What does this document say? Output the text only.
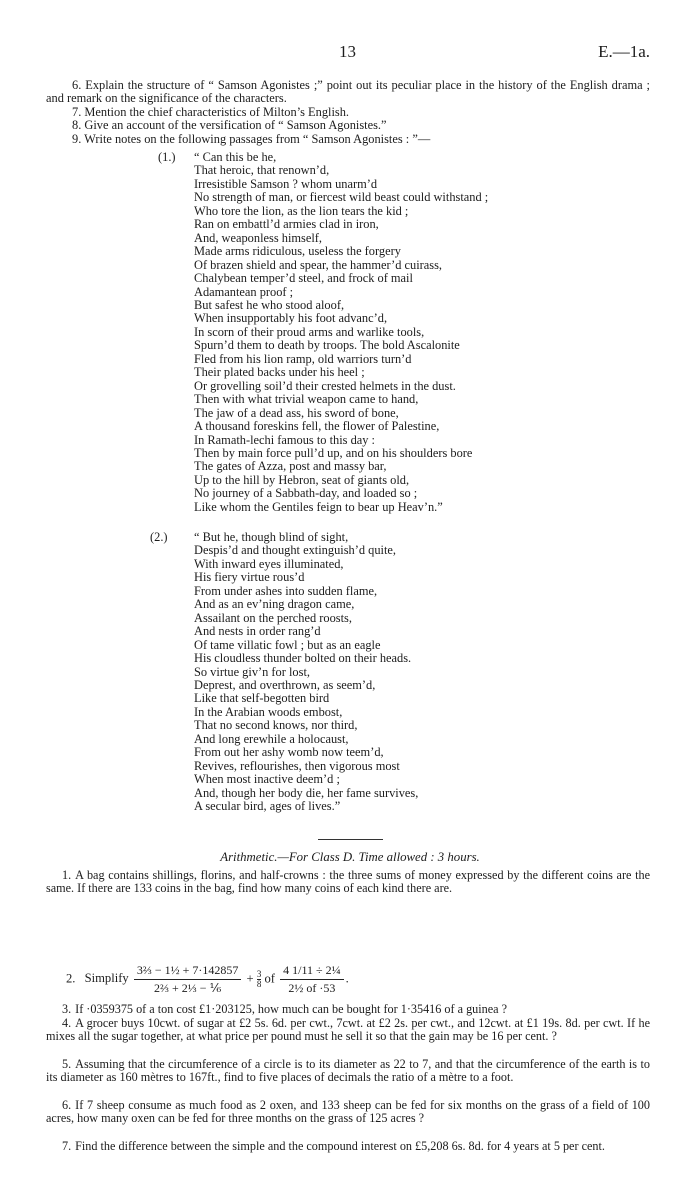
13	E.—1a.
6. Explain the structure of “ Samson Agonistes ;” point out its peculiar place in the history of the English drama ; and remark on the significance of the characters.
7. Mention the chief characteristics of Milton’s English.
8. Give an account of the versification of “ Samson Agonistes.”
9. Write notes on the following passages from “ Samson Agonistes : ”—
(1.)	“ Can this be he,
That heroic, that renown’d,
Irresistible Samson ? whom unarm’d
No strength of man, or fiercest wild beast could withstand ;
Who tore the lion, as the lion tears the kid ;
Ran on embattl’d armies clad in iron,
And, weaponless himself,
Made arms ridiculous, useless the forgery
Of brazen shield and spear, the hammer’d cuirass,
Chalybean temper’d steel, and frock of mail
Adamantean proof ;
But safest he who stood aloof,
When insupportably his foot advanc’d,
In scorn of their proud arms and warlike tools,
Spurn’d them to death by troops. The bold Ascalonite
Fled from his lion ramp, old warriors turn’d
Their plated backs under his heel ;
Or grovelling soil’d their crested helmets in the dust.
Then with what trivial weapon came to hand,
The jaw of a dead ass, his sword of bone,
A thousand foreskins fell, the flower of Palestine,
In Ramath-lechi famous to this day :
Then by main force pull’d up, and on his shoulders bore
The gates of Azza, post and massy bar,
Up to the hill by Hebron, seat of giants old,
No journey of a Sabbath-day, and loaded so ;
Like whom the Gentiles feign to bear up Heav’n.”
(2.)	“ But he, though blind of sight,
Despis’d and thought extinguish’d quite,
With inward eyes illuminated,
His fiery virtue rous’d
From under ashes into sudden flame,
And as an ev’ning dragon came,
Assailant on the perched roosts,
And nests in order rang’d
Of tame villatic fowl ; but as an eagle
His cloudless thunder bolted on their heads.
So virtue giv’n for lost,
Deprest, and overthrown, as seem’d,
Like that self-begotten bird
In the Arabian woods embost,
That no second knows, nor third,
And long erewhile a holocaust,
From out her ashy womb now teem’d,
Revives, reflourishes, then vigorous most
When most inactive deem’d ;
And, though her body die, her fame survives,
A secular bird, ages of lives.”
Arithmetic.—For Class D. Time allowed : 3 hours.
1. A bag contains shillings, florins, and half-crowns : the three sums of money expressed by the different coins are the same. If there are 133 coins in the bag, find how many coins of each kind there are.
2. Simplify $\frac{\text{3⅔ − 1½ + 7·142857}}{\text{2⅔ + 2⅓ − ⅙}} + \frac{3}{8}$ of $\frac{\text{4 1/11 ÷ 2¼}}{\text{2½ of ·53}}$ .
3. If ·0359375 of a ton cost £1·203125, how much can be bought for 1·35416 of a guinea ?
4. A grocer buys 10cwt. of sugar at £2 5s. 6d. per cwt., 7cwt. at £2 2s. per cwt., and 12cwt. at £1 19s. 8d. per cwt. If he mixes all the sugar together, at what price per pound must he sell it so that the gain may be 16 per cent. ?
5. Assuming that the circumference of a circle is to its diameter as 22 to 7, and that the circumference of the earth is to its diameter as 160 mètres to 167ft., find to five places of decimals the ratio of a mètre to a foot.
6. If 7 sheep consume as much food as 2 oxen, and 133 sheep can be fed for six months on the grass of a field of 100 acres, how many oxen can be fed for three months on the grass of 125 acres ?
7. Find the difference between the simple and the compound interest on £5,208 6s. 8d. for 4 years at 5 per cent.
